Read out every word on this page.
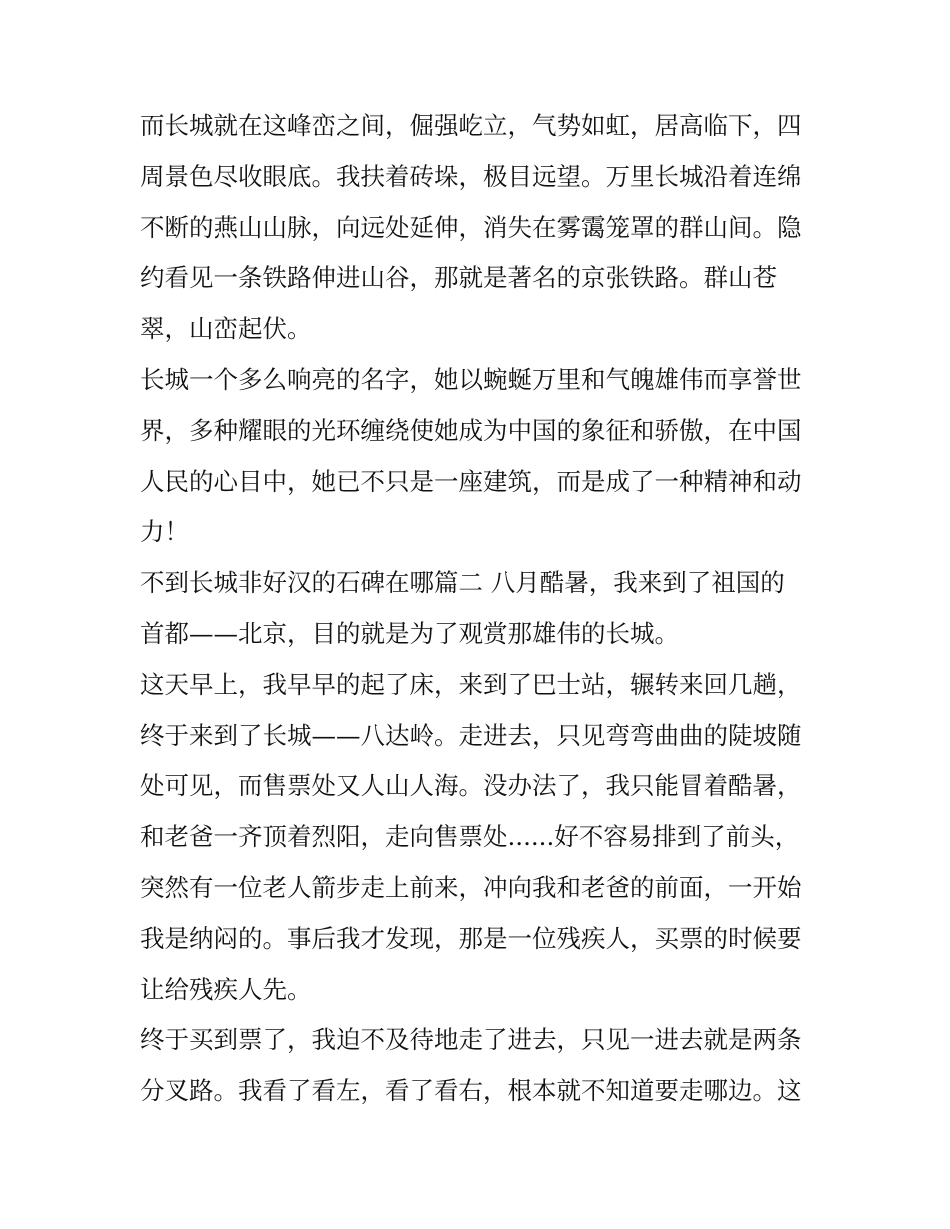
而长城就在这峰峦之间，倔强屹立，气势如虹，居高临下，四
周景色尽收眼底。我扶着砖垛，极目远望。万里长城沿着连绵
不断的燕山山脉，向远处延伸，消失在雾霭笼罩的群山间。隐
约看见一条铁路伸进山谷，那就是著名的京张铁路。群山苍
翠，山峦起伏。

长城一个多么响亮的名字，她以蜿蜒万里和气魄雄伟而享誉世
界，多种耀眼的光环缠绕使她成为中国的象征和骄傲，在中国
人民的心目中，她已不只是一座建筑，而是成了一种精神和动
力！

不到长城非好汉的石碑在哪篇二 八月酷暑，我来到了祖国的
首都——北京，目的就是为了观赏那雄伟的长城。

这天早上，我早早的起了床，来到了巴士站，辗转来回几趟，
终于来到了长城——八达岭。走进去，只见弯弯曲曲的陡坡随
处可见，而售票处又人山人海。没办法了，我只能冒着酷暑，
和老爸一齐顶着烈阳，走向售票处......好不容易排到了前头，
突然有一位老人箭步走上前来，冲向我和老爸的前面，一开始
我是纳闷的。事后我才发现，那是一位残疾人，买票的时候要
让给残疾人先。

终于买到票了，我迫不及待地走了进去，只见一进去就是两条
分叉路。我看了看左，看了看右，根本就不知道要走哪边。这
